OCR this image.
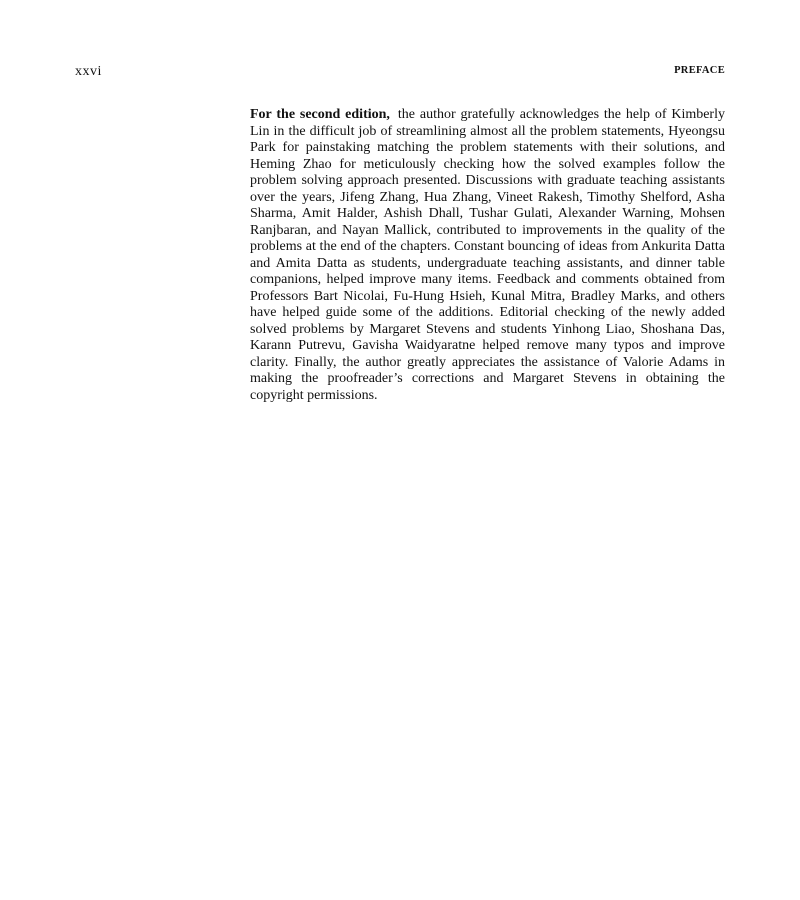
xxvi	PREFACE

For the second edition, the author gratefully acknowledges the help of Kimberly Lin in the difficult job of streamlining almost all the problem statements, Hyeongsu Park for painstaking matching the problem statements with their solutions, and Heming Zhao for meticulously checking how the solved examples follow the problem solving approach presented. Discussions with graduate teaching assistants over the years, Jifeng Zhang, Hua Zhang, Vineet Rakesh, Timothy Shelford, Asha Sharma, Amit Halder, Ashish Dhall, Tushar Gulati, Alexander Warning, Mohsen Ranjbaran, and Nayan Mallick, contributed to improvements in the quality of the problems at the end of the chapters. Constant bouncing of ideas from Ankurita Datta and Amita Datta as students, undergraduate teaching assistants, and dinner table companions, helped improve many items. Feedback and comments obtained from Professors Bart Nicolai, Fu-Hung Hsieh, Kunal Mitra, Bradley Marks, and others have helped guide some of the additions. Editorial checking of the newly added solved problems by Margaret Stevens and students Yinhong Liao, Shoshana Das, Karann Putrevu, Gavisha Waidyaratne helped remove many typos and improve clarity. Finally, the author greatly appreciates the assistance of Valorie Adams in making the proofreader’s corrections and Margaret Stevens in obtaining the copyright permissions.
